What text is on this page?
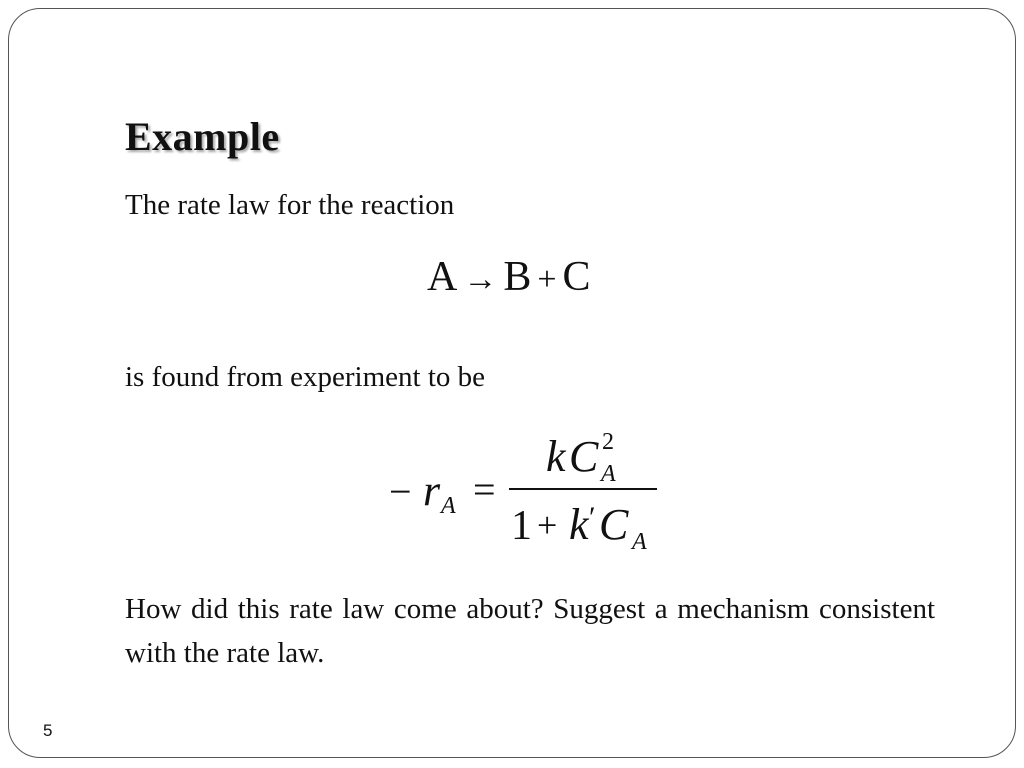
Example
The rate law for the reaction
A → B + C
is found from experiment to be
− r A =
k C 2
A
1 + k ′ C A
How did this rate law come about? Suggest a mechanism consistent with the rate law.
5
